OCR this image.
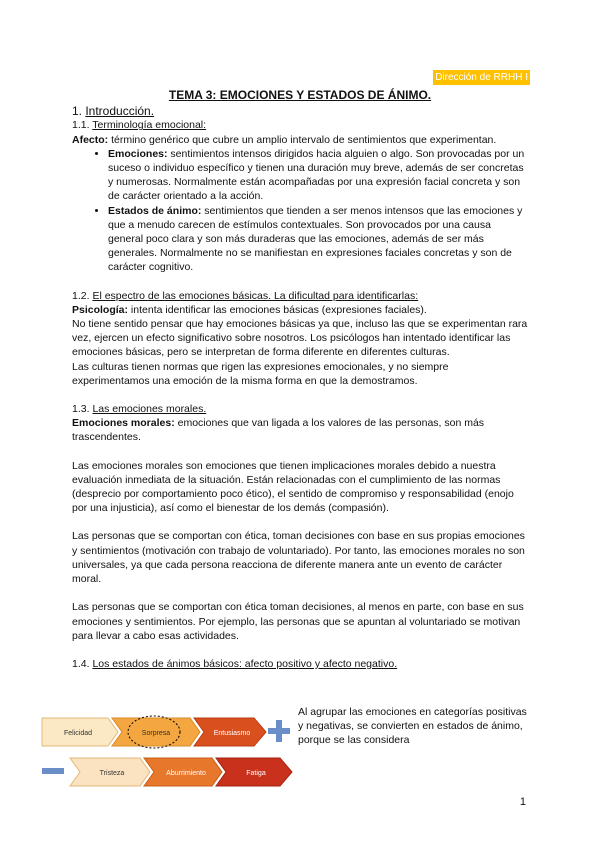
Dirección de RRHH I
TEMA 3: EMOCIONES Y ESTADOS DE ÁNIMO.

1. Introducción.

1.1. Terminología emocional:

Afecto: término genérico que cubre un amplio intervalo de sentimientos que experimentan.

• Emociones: sentimientos intensos dirigidos hacia alguien o algo. Son provocadas por un suceso o individuo específico y tienen una duración muy breve, además de ser concretas y numerosas. Normalmente están acompañadas por una expresión facial concreta y son de carácter orientado a la acción.
• Estados de ánimo: sentimientos que tienden a ser menos intensos que las emociones y que a menudo carecen de estímulos contextuales. Son provocados por una causa general poco clara y son más duraderas que las emociones, además de ser más generales. Normalmente no se manifiestan en expresiones faciales concretas y son de carácter cognitivo.

1.2. El espectro de las emociones básicas. La dificultad para identificarlas:

Psicología: intenta identificar las emociones básicas (expresiones faciales).

No tiene sentido pensar que hay emociones básicas ya que, incluso las que se experimentan rara vez, ejercen un efecto significativo sobre nosotros. Los psicólogos han intentado identificar las emociones básicas, pero se interpretan de forma diferente en diferentes culturas.

Las culturas tienen normas que rigen las expresiones emocionales, y no siempre experimentamos una emoción de la misma forma en que la demostramos.

1.3. Las emociones morales.

Emociones morales: emociones que van ligada a los valores de las personas, son más trascendentes.

Las emociones morales son emociones que tienen implicaciones morales debido a nuestra evaluación inmediata de la situación. Están relacionadas con el cumplimiento de las normas (desprecio por comportamiento poco ético), el sentido de compromiso y responsabilidad (enojo por una injusticia), así como el bienestar de los demás (compasión).

Las personas que se comportan con ética, toman decisiones con base en sus propias emociones y sentimientos (motivación con trabajo de voluntariado). Por tanto, las emociones morales no son universales, ya que cada persona reacciona de diferente manera ante un evento de carácter moral.

Las personas que se comportan con ética toman decisiones, al menos en parte, con base en sus emociones y sentimientos. Por ejemplo, las personas que se apuntan al voluntariado se motivan para llevar a cabo esas actividades.

1.4. Los estados de ánimos básicos: afecto positivo y afecto negativo.

Felicidad	Sorpresa	Entusiasmo
Tristeza	Aburrimiento	Fatiga
Al agrupar las emociones en categorías positivas y negativas, se convierten en estados de ánimo, porque se las considera
1
